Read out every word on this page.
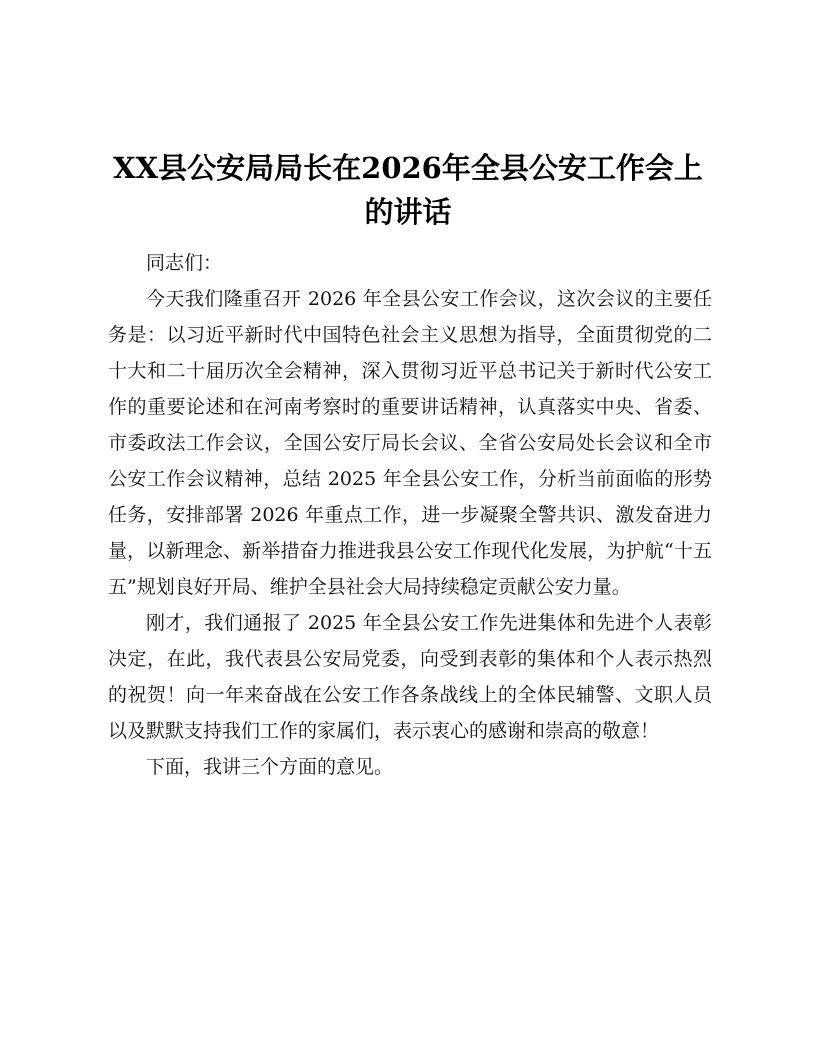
XX县公安局局长在2026年全县公安工作会上的讲话

同志们：

今天我们隆重召开 2026 年全县公安工作会议，这次会议的主要任务是：以习近平新时代中国特色社会主义思想为指导，全面贯彻党的二十大和二十届历次全会精神，深入贯彻习近平总书记关于新时代公安工作的重要论述和在河南考察时的重要讲话精神，认真落实中央、省委、市委政法工作会议，全国公安厅局长会议、全省公安局处长会议和全市公安工作会议精神，总结 2025 年全县公安工作，分析当前面临的形势任务，安排部署 2026 年重点工作，进一步凝聚全警共识、激发奋进力量，以新理念、新举措奋力推进我县公安工作现代化发展，为护航“十五五”规划良好开局、维护全县社会大局持续稳定贡献公安力量。

刚才，我们通报了 2025 年全县公安工作先进集体和先进个人表彰决定，在此，我代表县公安局党委，向受到表彰的集体和个人表示热烈的祝贺！向一年来奋战在公安工作各条战线上的全体民辅警、文职人员以及默默支持我们工作的家属们，表示衷心的感谢和崇高的敬意！

下面，我讲三个方面的意见。
